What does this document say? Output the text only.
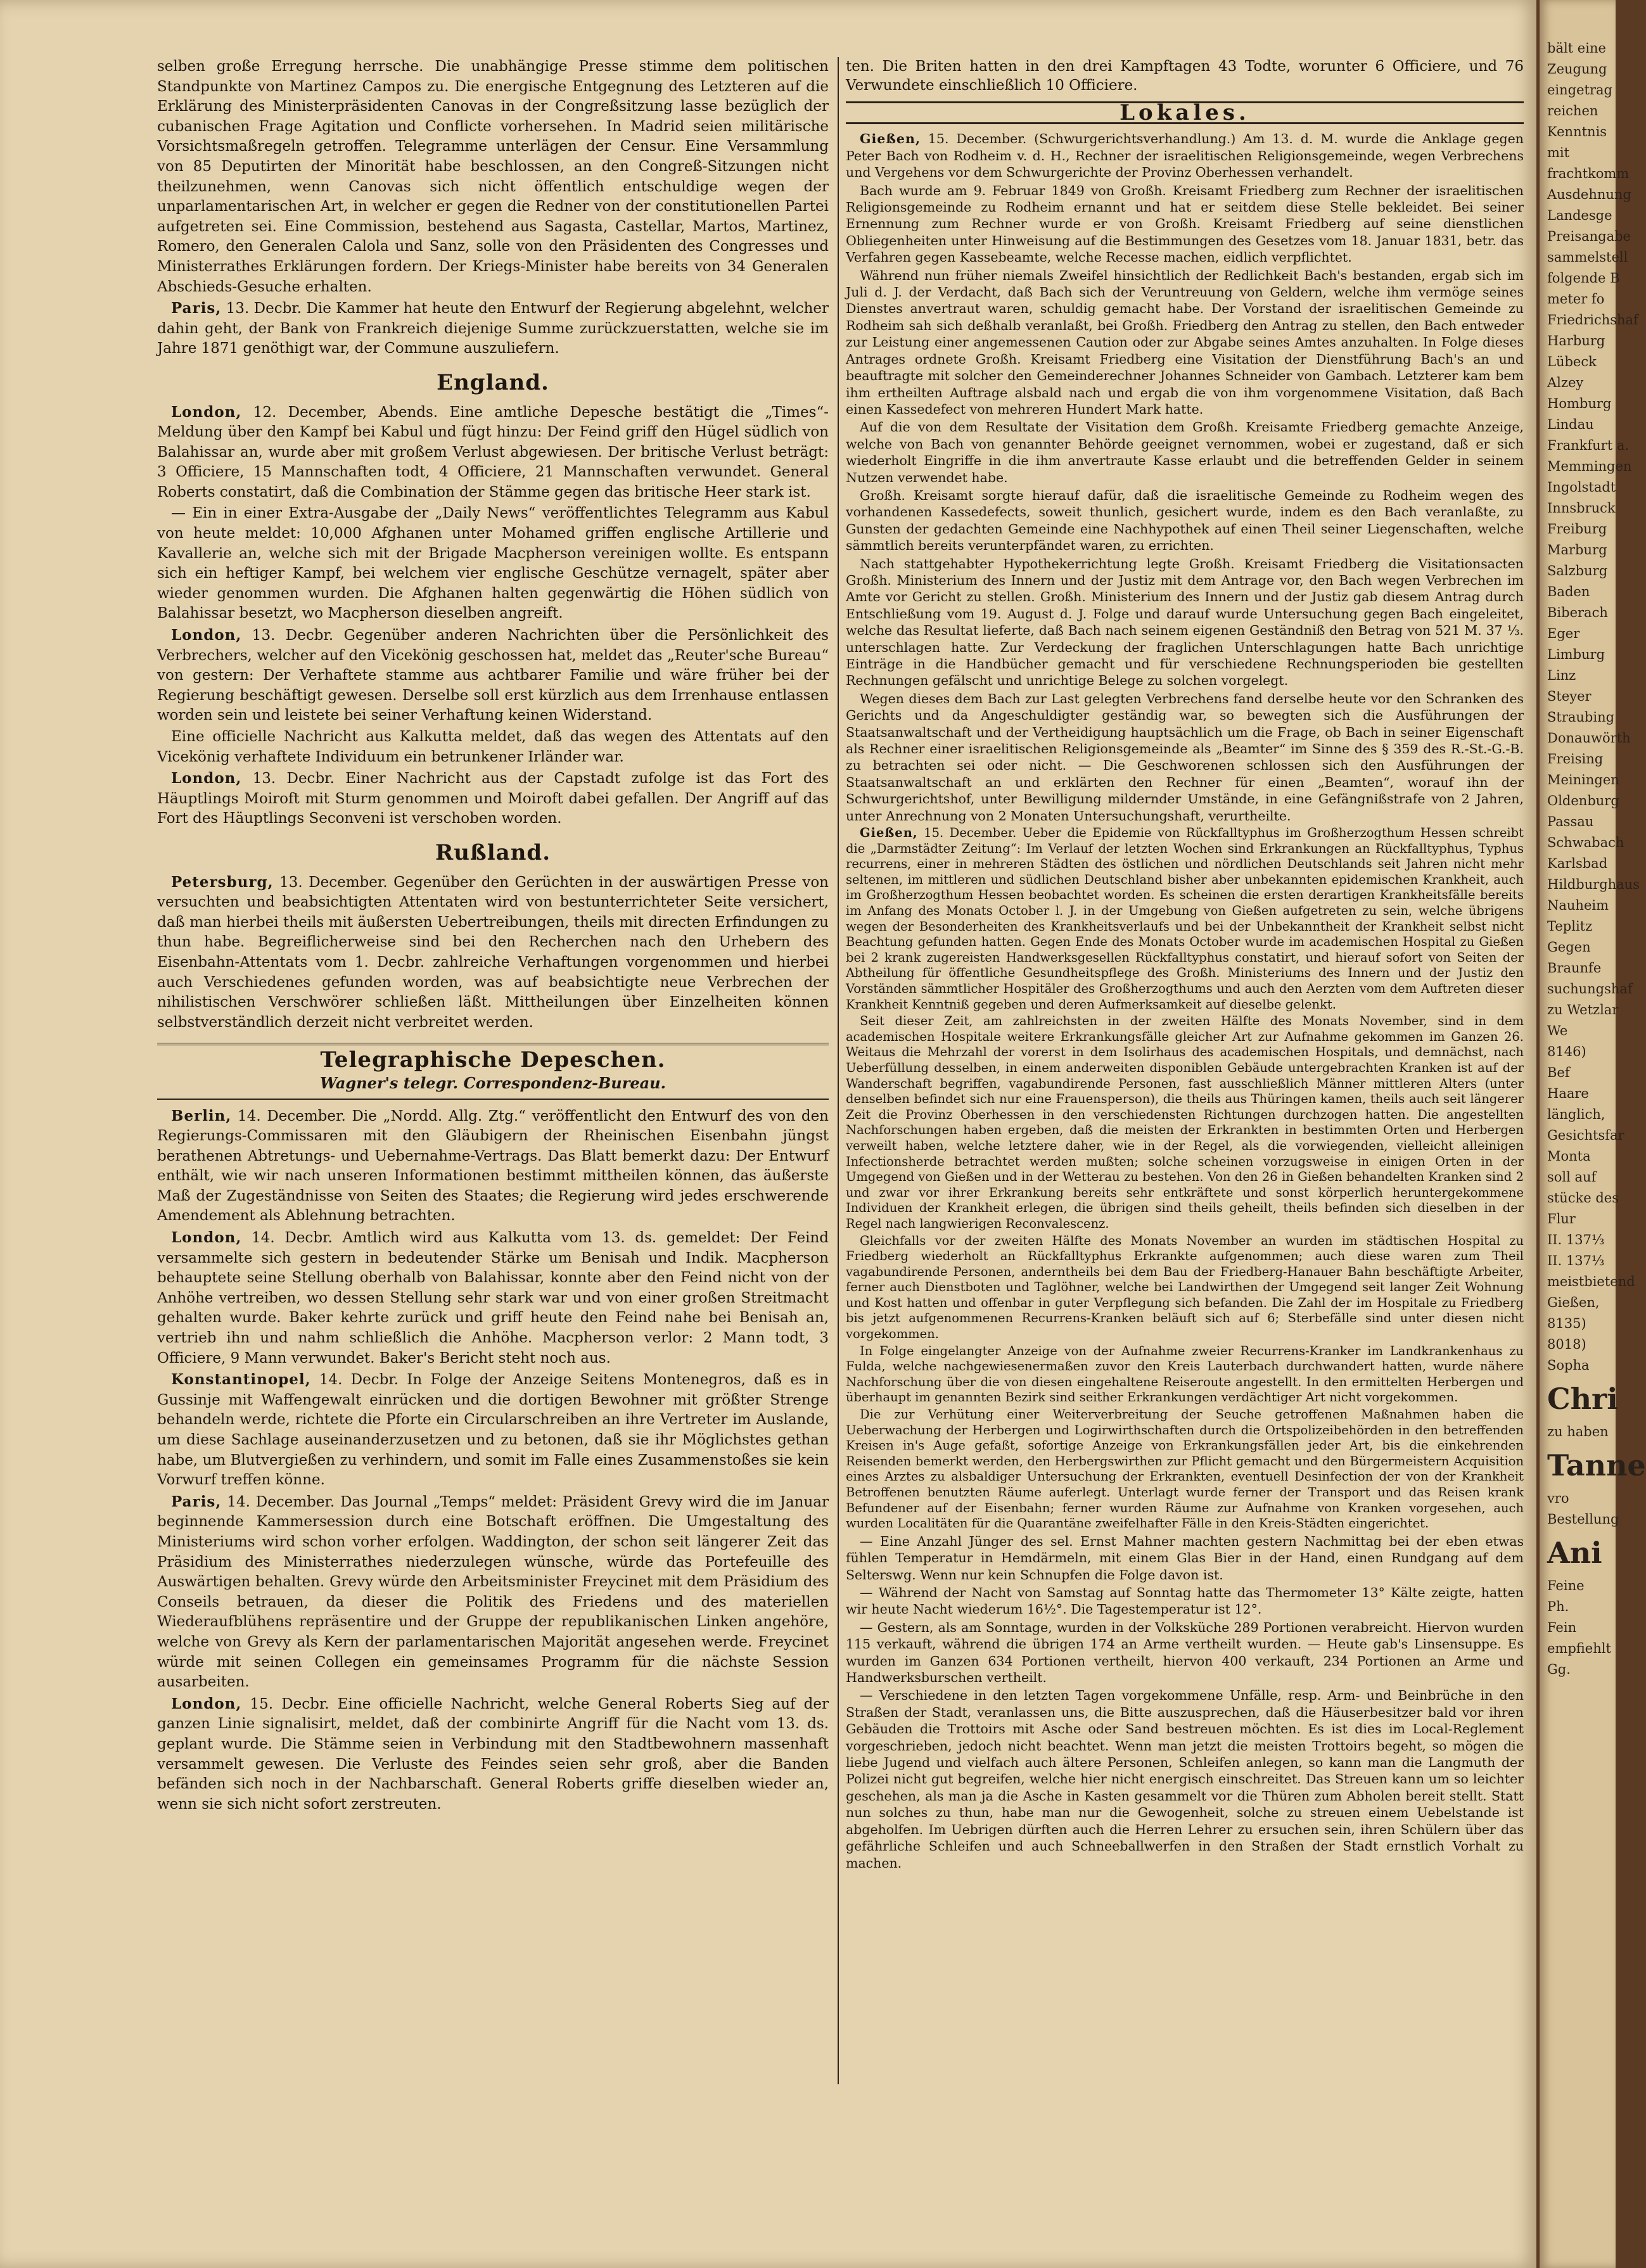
selben große Erregung herrsche. Die unabhängige Presse stimme dem politischen Standpunkte von Martinez Campos zu. Die energische Entgegnung des Letzteren auf die Erklärung des Ministerpräsidenten Canovas in der Congreßsitzung lasse bezüglich der cubanischen Frage Agitation und Conflicte vorhersehen. In Madrid seien militärische Vorsichtsmaßregeln getroffen. Telegramme unterlägen der Censur. Eine Versammlung von 85 Deputirten der Minorität habe beschlossen, an den Congreß-Sitzungen nicht theilzunehmen, wenn Canovas sich nicht öffentlich entschuldige wegen der unparlamentarischen Art, in welcher er gegen die Redner von der constitutionellen Partei aufgetreten sei. Eine Commission, bestehend aus Sagasta, Castellar, Martos, Martinez, Romero, den Generalen Calola und Sanz, solle von den Präsidenten des Congresses und Ministerrathes Erklärungen fordern. Der Kriegs-Minister habe bereits von 34 Generalen Abschieds-Gesuche erhalten.

Paris, 13. Decbr. Die Kammer hat heute den Entwurf der Regierung abgelehnt, welcher dahin geht, der Bank von Frankreich diejenige Summe zurückzuerstatten, welche sie im Jahre 1871 genöthigt war, der Commune auszuliefern.

England.

London, 12. December, Abends. Eine amtliche Depesche bestätigt die „Times“-Meldung über den Kampf bei Kabul und fügt hinzu: Der Feind griff den Hügel südlich von Balahissar an, wurde aber mit großem Verlust abgewiesen. Der britische Verlust beträgt: 3 Officiere, 15 Mannschaften todt, 4 Officiere, 21 Mannschaften verwundet. General Roberts constatirt, daß die Combination der Stämme gegen das britische Heer stark ist.

— Ein in einer Extra-Ausgabe der „Daily News“ veröffentlichtes Telegramm aus Kabul von heute meldet: 10,000 Afghanen unter Mohamed griffen englische Artillerie und Kavallerie an, welche sich mit der Brigade Macpherson vereinigen wollte. Es entspann sich ein heftiger Kampf, bei welchem vier englische Geschütze vernagelt, später aber wieder genommen wurden. Die Afghanen halten gegenwärtig die Höhen südlich von Balahissar besetzt, wo Macpherson dieselben angreift.

London, 13. Decbr. Gegenüber anderen Nachrichten über die Persönlichkeit des Verbrechers, welcher auf den Vicekönig geschossen hat, meldet das „Reuter'sche Bureau“ von gestern: Der Verhaftete stamme aus achtbarer Familie und wäre früher bei der Regierung beschäftigt gewesen. Derselbe soll erst kürzlich aus dem Irrenhause entlassen worden sein und leistete bei seiner Verhaftung keinen Widerstand.

Eine officielle Nachricht aus Kalkutta meldet, daß das wegen des Attentats auf den Vicekönig verhaftete Individuum ein betrunkener Irländer war.

London, 13. Decbr. Einer Nachricht aus der Capstadt zufolge ist das Fort des Häuptlings Moiroft mit Sturm genommen und Moiroft dabei gefallen. Der Angriff auf das Fort des Häuptlings Seconveni ist verschoben worden.

Rußland.

Petersburg, 13. December. Gegenüber den Gerüchten in der auswärtigen Presse von versuchten und beabsichtigten Attentaten wird von bestunterrichteter Seite versichert, daß man hierbei theils mit äußersten Uebertreibungen, theils mit directen Erfindungen zu thun habe. Begreiflicherweise sind bei den Recherchen nach den Urhebern des Eisenbahn-Attentats vom 1. Decbr. zahlreiche Verhaftungen vorgenommen und hierbei auch Verschiedenes gefunden worden, was auf beabsichtigte neue Verbrechen der nihilistischen Verschwörer schließen läßt. Mittheilungen über Einzelheiten können selbstverständlich derzeit nicht verbreitet werden.

Telegraphische Depeschen.
Wagner's telegr. Correspondenz-Bureau.

Berlin, 14. December. Die „Nordd. Allg. Ztg.“ veröffentlicht den Entwurf des von den Regierungs-Commissaren mit den Gläubigern der Rheinischen Eisenbahn jüngst berathenen Abtretungs- und Uebernahme-Vertrags. Das Blatt bemerkt dazu: Der Entwurf enthält, wie wir nach unseren Informationen bestimmt mittheilen können, das äußerste Maß der Zugeständnisse von Seiten des Staates; die Regierung wird jedes erschwerende Amendement als Ablehnung betrachten.

London, 14. Decbr. Amtlich wird aus Kalkutta vom 13. ds. gemeldet: Der Feind versammelte sich gestern in bedeutender Stärke um Benisah und Indik. Macpherson behauptete seine Stellung oberhalb von Balahissar, konnte aber den Feind nicht von der Anhöhe vertreiben, wo dessen Stellung sehr stark war und von einer großen Streitmacht gehalten wurde. Baker kehrte zurück und griff heute den Feind nahe bei Benisah an, vertrieb ihn und nahm schließlich die Anhöhe. Macpherson verlor: 2 Mann todt, 3 Officiere, 9 Mann verwundet. Baker's Bericht steht noch aus.

Konstantinopel, 14. Decbr. In Folge der Anzeige Seitens Montenegros, daß es in Gussinje mit Waffengewalt einrücken und die dortigen Bewohner mit größter Strenge behandeln werde, richtete die Pforte ein Circularschreiben an ihre Vertreter im Auslande, um diese Sachlage auseinanderzusetzen und zu betonen, daß sie ihr Möglichstes gethan habe, um Blutvergießen zu verhindern, und somit im Falle eines Zusammenstoßes sie kein Vorwurf treffen könne.

Paris, 14. December. Das Journal „Temps“ meldet: Präsident Grevy wird die im Januar beginnende Kammersession durch eine Botschaft eröffnen. Die Umgestaltung des Ministeriums wird schon vorher erfolgen. Waddington, der schon seit längerer Zeit das Präsidium des Ministerrathes niederzulegen wünsche, würde das Portefeuille des Auswärtigen behalten. Grevy würde den Arbeitsminister Freycinet mit dem Präsidium des Conseils betrauen, da dieser die Politik des Friedens und des materiellen Wiederaufblühens repräsentire und der Gruppe der republikanischen Linken angehöre, welche von Grevy als Kern der parlamentarischen Majorität angesehen werde. Freycinet würde mit seinen Collegen ein gemeinsames Programm für die nächste Session ausarbeiten.

London, 15. Decbr. Eine officielle Nachricht, welche General Roberts Sieg auf der ganzen Linie signalisirt, meldet, daß der combinirte Angriff für die Nacht vom 13. ds. geplant wurde. Die Stämme seien in Verbindung mit den Stadtbewohnern massenhaft versammelt gewesen. Die Verluste des Feindes seien sehr groß, aber die Banden befänden sich noch in der Nachbarschaft. General Roberts griffe dieselben wieder an, wenn sie sich nicht sofort zerstreuten.

ten. Die Briten hatten in den drei Kampftagen 43 Todte, worunter 6 Officiere, und 76 Verwundete einschließlich 10 Officiere.

Lokales.

Gießen, 15. December. (Schwurgerichtsverhandlung.) Am 13. d. M. wurde die Anklage gegen Peter Bach von Rodheim v. d. H., Rechner der israelitischen Religionsgemeinde, wegen Verbrechens und Vergehens vor dem Schwurgerichte der Provinz Oberhessen verhandelt.

Bach wurde am 9. Februar 1849 von Großh. Kreisamt Friedberg zum Rechner der israelitischen Religionsgemeinde zu Rodheim ernannt und hat er seitdem diese Stelle bekleidet. Bei seiner Ernennung zum Rechner wurde er von Großh. Kreisamt Friedberg auf seine dienstlichen Obliegenheiten unter Hinweisung auf die Bestimmungen des Gesetzes vom 18. Januar 1831, betr. das Verfahren gegen Kassebeamte, welche Recesse machen, eidlich verpflichtet.

Während nun früher niemals Zweifel hinsichtlich der Redlichkeit Bach's bestanden, ergab sich im Juli d. J. der Verdacht, daß Bach sich der Veruntreuung von Geldern, welche ihm vermöge seines Dienstes anvertraut waren, schuldig gemacht habe. Der Vorstand der israelitischen Gemeinde zu Rodheim sah sich deßhalb veranlaßt, bei Großh. Friedberg den Antrag zu stellen, den Bach entweder zur Leistung einer angemessenen Caution oder zur Abgabe seines Amtes anzuhalten. In Folge dieses Antrages ordnete Großh. Kreisamt Friedberg eine Visitation der Dienstführung Bach's an und beauftragte mit solcher den Gemeinderechner Johannes Schneider von Gambach. Letzterer kam bem ihm ertheilten Auftrage alsbald nach und ergab die von ihm vorgenommene Visitation, daß Bach einen Kassedefect von mehreren Hundert Mark hatte.

Auf die von dem Resultate der Visitation dem Großh. Kreisamte Friedberg gemachte Anzeige, welche von Bach von genannter Behörde geeignet vernommen, wobei er zugestand, daß er sich wiederholt Eingriffe in die ihm anvertraute Kasse erlaubt und die betreffenden Gelder in seinem Nutzen verwendet habe.

Großh. Kreisamt sorgte hierauf dafür, daß die israelitische Gemeinde zu Rodheim wegen des vorhandenen Kassedefects, soweit thunlich, gesichert wurde, indem es den Bach veranlaßte, zu Gunsten der gedachten Gemeinde eine Nachhypothek auf einen Theil seiner Liegenschaften, welche sämmtlich bereits verunterpfändet waren, zu errichten.

Nach stattgehabter Hypothekerrichtung legte Großh. Kreisamt Friedberg die Visitationsacten Großh. Ministerium des Innern und der Justiz mit dem Antrage vor, den Bach wegen Verbrechen im Amte vor Gericht zu stellen. Großh. Ministerium des Innern und der Justiz gab diesem Antrag durch Entschließung vom 19. August d. J. Folge und darauf wurde Untersuchung gegen Bach eingeleitet, welche das Resultat lieferte, daß Bach nach seinem eigenen Geständniß den Betrag von 521 M. 37 ⅓. unterschlagen hatte. Zur Verdeckung der fraglichen Unterschlagungen hatte Bach unrichtige Einträge in die Handbücher gemacht und für verschiedene Rechnungsperioden bie gestellten Rechnungen gefälscht und unrichtige Belege zu solchen vorgelegt.

Wegen dieses dem Bach zur Last gelegten Verbrechens fand derselbe heute vor den Schranken des Gerichts und da Angeschuldigter geständig war, so bewegten sich die Ausführungen der Staatsanwaltschaft und der Vertheidigung hauptsächlich um die Frage, ob Bach in seiner Eigenschaft als Rechner einer israelitischen Religionsgemeinde als „Beamter“ im Sinne des § 359 des R.-St.-G.-B. zu betrachten sei oder nicht. — Die Geschworenen schlossen sich den Ausführungen der Staatsanwaltschaft an und erklärten den Rechner für einen „Beamten“, worauf ihn der Schwurgerichtshof, unter Bewilligung mildernder Umstände, in eine Gefängnißstrafe von 2 Jahren, unter Anrechnung von 2 Monaten Untersuchungshaft, verurtheilte.

Gießen, 15. December. Ueber die Epidemie von Rückfalltyphus im Großherzogthum Hessen schreibt die „Darmstädter Zeitung“: Im Verlauf der letzten Wochen sind Erkrankungen an Rückfalltyphus, Typhus recurrens, einer in mehreren Städten des östlichen und nördlichen Deutschlands seit Jahren nicht mehr seltenen, im mittleren und südlichen Deutschland bisher aber unbekannten epidemischen Krankheit, auch im Großherzogthum Hessen beobachtet worden. Es scheinen die ersten derartigen Krankheitsfälle bereits im Anfang des Monats October l. J. in der Umgebung von Gießen aufgetreten zu sein, welche übrigens wegen der Besonderheiten des Krankheitsverlaufs und bei der Unbekanntheit der Krankheit selbst nicht Beachtung gefunden hatten. Gegen Ende des Monats October wurde im academischen Hospital zu Gießen bei 2 krank zugereisten Handwerksgesellen Rückfalltyphus constatirt, und hierauf sofort von Seiten der Abtheilung für öffentliche Gesundheitspflege des Großh. Ministeriums des Innern und der Justiz den Vorständen sämmtlicher Hospitäler des Großherzogthums und auch den Aerzten vom dem Auftreten dieser Krankheit Kenntniß gegeben und deren Aufmerksamkeit auf dieselbe gelenkt.

Seit dieser Zeit, am zahlreichsten in der zweiten Hälfte des Monats November, sind in dem academischen Hospitale weitere Erkrankungsfälle gleicher Art zur Aufnahme gekommen im Ganzen 26. Weitaus die Mehrzahl der vorerst in dem Isolirhaus des academischen Hospitals, und demnächst, nach Ueberfüllung desselben, in einem anderweiten disponiblen Gebäude untergebrachten Kranken ist auf der Wanderschaft begriffen, vagabundirende Personen, fast ausschließlich Männer mittleren Alters (unter denselben befindet sich nur eine Frauensperson), die theils aus Thüringen kamen, theils auch seit längerer Zeit die Provinz Oberhessen in den verschiedensten Richtungen durchzogen hatten. Die angestellten Nachforschungen haben ergeben, daß die meisten der Erkrankten in bestimmten Orten und Herbergen verweilt haben, welche letztere daher, wie in der Regel, als die vorwiegenden, vielleicht alleinigen Infectionsherde betrachtet werden mußten; solche scheinen vorzugsweise in einigen Orten in der Umgegend von Gießen und in der Wetterau zu bestehen. Von den 26 in Gießen behandelten Kranken sind 2 und zwar vor ihrer Erkrankung bereits sehr entkräftete und sonst körperlich heruntergekommene Individuen der Krankheit erlegen, die übrigen sind theils geheilt, theils befinden sich dieselben in der Regel nach langwierigen Reconvalescenz.

Gleichfalls vor der zweiten Hälfte des Monats November an wurden im städtischen Hospital zu Friedberg wiederholt an Rückfalltyphus Erkrankte aufgenommen; auch diese waren zum Theil vagabundirende Personen, anderntheils bei dem Bau der Friedberg-Hanauer Bahn beschäftigte Arbeiter, ferner auch Dienstboten und Taglöhner, welche bei Landwirthen der Umgegend seit langer Zeit Wohnung und Kost hatten und offenbar in guter Verpflegung sich befanden. Die Zahl der im Hospitale zu Friedberg bis jetzt aufgenommenen Recurrens-Kranken beläuft sich auf 6; Sterbefälle sind unter diesen nicht vorgekommen.

In Folge eingelangter Anzeige von der Aufnahme zweier Recurrens-Kranker im Landkrankenhaus zu Fulda, welche nachgewiesenermaßen zuvor den Kreis Lauterbach durchwandert hatten, wurde nähere Nachforschung über die von diesen eingehaltene Reiseroute angestellt. In den ermittelten Herbergen und überhaupt im genannten Bezirk sind seither Erkrankungen verdächtiger Art nicht vorgekommen.

Die zur Verhütung einer Weiterverbreitung der Seuche getroffenen Maßnahmen haben die Ueberwachung der Herbergen und Logirwirthschaften durch die Ortspolizeibehörden in den betreffenden Kreisen in's Auge gefaßt, sofortige Anzeige von Erkrankungsfällen jeder Art, bis die einkehrenden Reisenden bemerkt werden, den Herbergswirthen zur Pflicht gemacht und den Bürgermeistern Acquisition eines Arztes zu alsbaldiger Untersuchung der Erkrankten, eventuell Desinfection der von der Krankheit Betroffenen benutzten Räume auferlegt. Unterlagt wurde ferner der Transport und das Reisen krank Befundener auf der Eisenbahn; ferner wurden Räume zur Aufnahme von Kranken vorgesehen, auch wurden Localitäten für die Quarantäne zweifelhafter Fälle in den Kreis-Städten eingerichtet.

— Eine Anzahl Jünger des sel. Ernst Mahner machten gestern Nachmittag bei der eben etwas fühlen Temperatur in Hemdärmeln, mit einem Glas Bier in der Hand, einen Rundgang auf dem Selterswg. Wenn nur kein Schnupfen die Folge davon ist.

— Während der Nacht von Samstag auf Sonntag hatte das Thermometer 13° Kälte zeigte, hatten wir heute Nacht wiederum 16½°. Die Tagestemperatur ist 12°.

— Gestern, als am Sonntage, wurden in der Volksküche 289 Portionen verabreicht. Hiervon wurden 115 verkauft, während die übrigen 174 an Arme vertheilt wurden. — Heute gab's Linsensuppe. Es wurden im Ganzen 634 Portionen vertheilt, hiervon 400 verkauft, 234 Portionen an Arme und Handwerksburschen vertheilt.

— Verschiedene in den letzten Tagen vorgekommene Unfälle, resp. Arm- und Beinbrüche in den Straßen der Stadt, veranlassen uns, die Bitte auszusprechen, daß die Häuserbesitzer bald vor ihren Gebäuden die Trottoirs mit Asche oder Sand bestreuen möchten. Es ist dies im Local-Reglement vorgeschrieben, jedoch nicht beachtet. Wenn man jetzt die meisten Trottoirs begeht, so mögen die liebe Jugend und vielfach auch ältere Personen, Schleifen anlegen, so kann man die Langmuth der Polizei nicht gut begreifen, welche hier nicht energisch einschreitet. Das Streuen kann um so leichter geschehen, als man ja die Asche in Kasten gesammelt vor die Thüren zum Abholen bereit stellt. Statt nun solches zu thun, habe man nur die Gewogenheit, solche zu streuen einem Uebelstande ist abgeholfen. Im Uebrigen dürften auch die Herren Lehrer zu ersuchen sein, ihren Schülern über das gefährliche Schleifen und auch Schneeballwerfen in den Straßen der Stadt ernstlich Vorhalt zu machen.

bält eine
Zeugung
eingetrag
reichen
Kenntnis
mit
frachtkomm
Ausdehnung
Landesge
Preisangabe
sammelstell
folgende B
meter fo
Friedrichshaf
Harburg
Lübeck
Alzey
Homburg
Lindau
Frankfurt a.
Memmingen
Ingolstadt
Innsbruck
Freiburg
Marburg
Salzburg
Baden
Biberach
Eger
Limburg
Linz
Steyer
Straubing
Donauwörth
Freising
Meiningen
Oldenburg
Passau
Schwabach
Karlsbad
Hildburghaus
Nauheim
Teplitz
Gegen
Braunfe
suchungshaf
zu Wetzlar
We
8146)
Bef
Haare
länglich,
Gesichtsfar
Monta
soll auf
stücke des
Flur
II. 137⅓
II. 137⅓
meistbietend
Gießen,
8135)
8018)
Sopha
Chri
zu haben
Tanne
vro
Bestellung
Ani
Feine
Ph.
Fein
empfiehlt
Gg.
